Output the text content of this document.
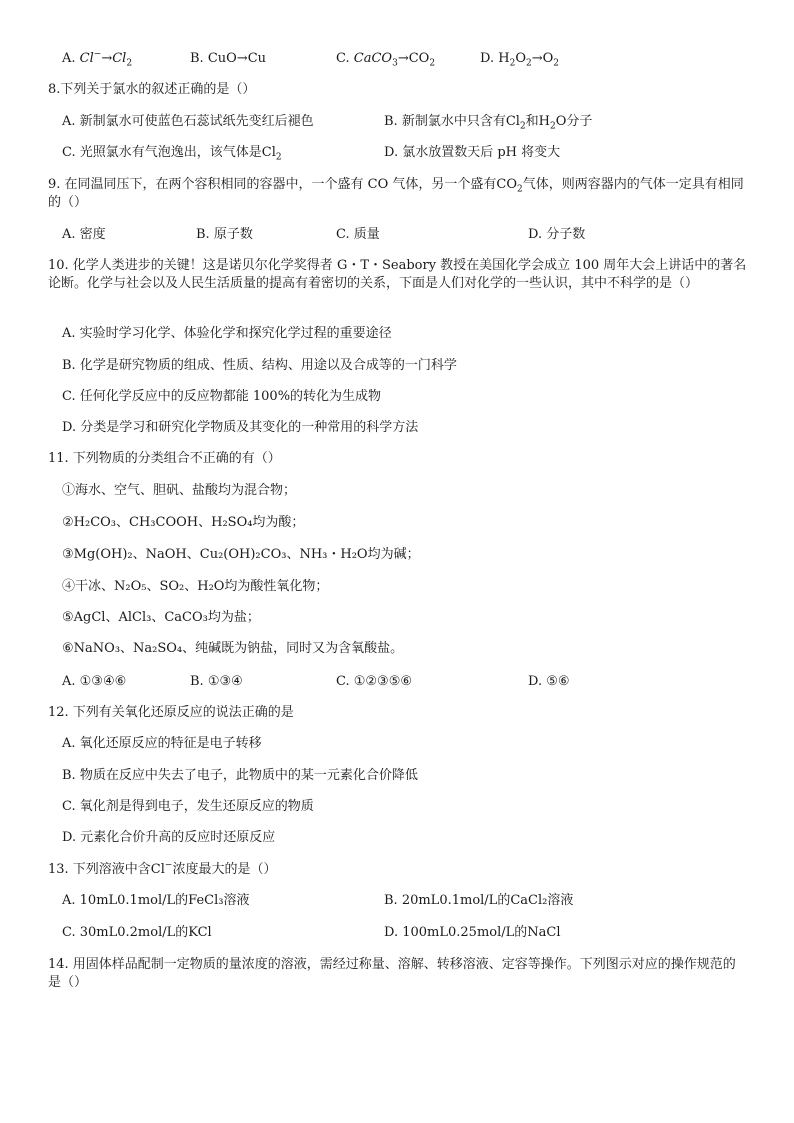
A. $Cl^-\to Cl_2$	B. CuO→Cu	C. $CaCO_3\to CO_2$	D. $H_2O_2\to O_2$
8.下列关于氯水的叙述正确的是（）
A. 新制氯水可使蓝色石蕊试纸先变红后褪色	B. 新制氯水中只含有$Cl_2$和$H_2O$分子
C. 光照氯水有气泡逸出，该气体是$Cl_2$	D. 氯水放置数天后 pH 将变大
9. 在同温同压下，在两个容积相同的容器中，一个盛有 CO 气体，另一个盛有$CO_2$气体，则两容器内的气体一定具有相同的（）
A. 密度	B. 原子数	C. 质量	D. 分子数
10. 化学人类进步的关键！这是诺贝尔化学奖得者 G・T・Seabory 教授在美国化学会成立 100 周年大会上讲话中的著名论断。化学与社会以及人民生活质量的提高有着密切的关系，下面是人们对化学的一些认识，其中不科学的是（）
A. 实验时学习化学、体验化学和探究化学过程的重要途径
B. 化学是研究物质的组成、性质、结构、用途以及合成等的一门科学
C. 任何化学反应中的反应物都能 100%的转化为生成物
D. 分类是学习和研究化学物质及其变化的一种常用的科学方法
11. 下列物质的分类组合不正确的有（）
①海水、空气、胆矾、盐酸均为混合物；
②H₂CO₃、CH₃COOH、H₂SO₄均为酸；
③Mg(OH)₂、NaOH、Cu₂(OH)₂CO₃、NH₃・H₂O均为碱；
④干冰、N₂O₅、SO₂、H₂O均为酸性氧化物；
⑤AgCl、AlCl₃、CaCO₃均为盐；
⑥NaNO₃、Na₂SO₄、纯碱既为钠盐，同时又为含氧酸盐。
A. ①③④⑥	B. ①③④	C. ①②③⑤⑥	D. ⑤⑥
12. 下列有关氧化还原反应的说法正确的是
A. 氧化还原反应的特征是电子转移
B. 物质在反应中失去了电子，此物质中的某一元素化合价降低
C. 氧化剂是得到电子，发生还原反应的物质
D. 元素化合价升高的反应时还原反应
13. 下列溶液中含Cl−浓度最大的是（）
A. 10mL0.1mol/L的FeCl₃溶液	B. 20mL0.1mol/L的CaCl₂溶液
C. 30mL0.2mol/L的KCl	D. 100mL0.25mol/L的NaCl
14. 用固体样品配制一定物质的量浓度的溶液，需经过称量、溶解、转移溶液、定容等操作。下列图示对应的操作规范的是（）
